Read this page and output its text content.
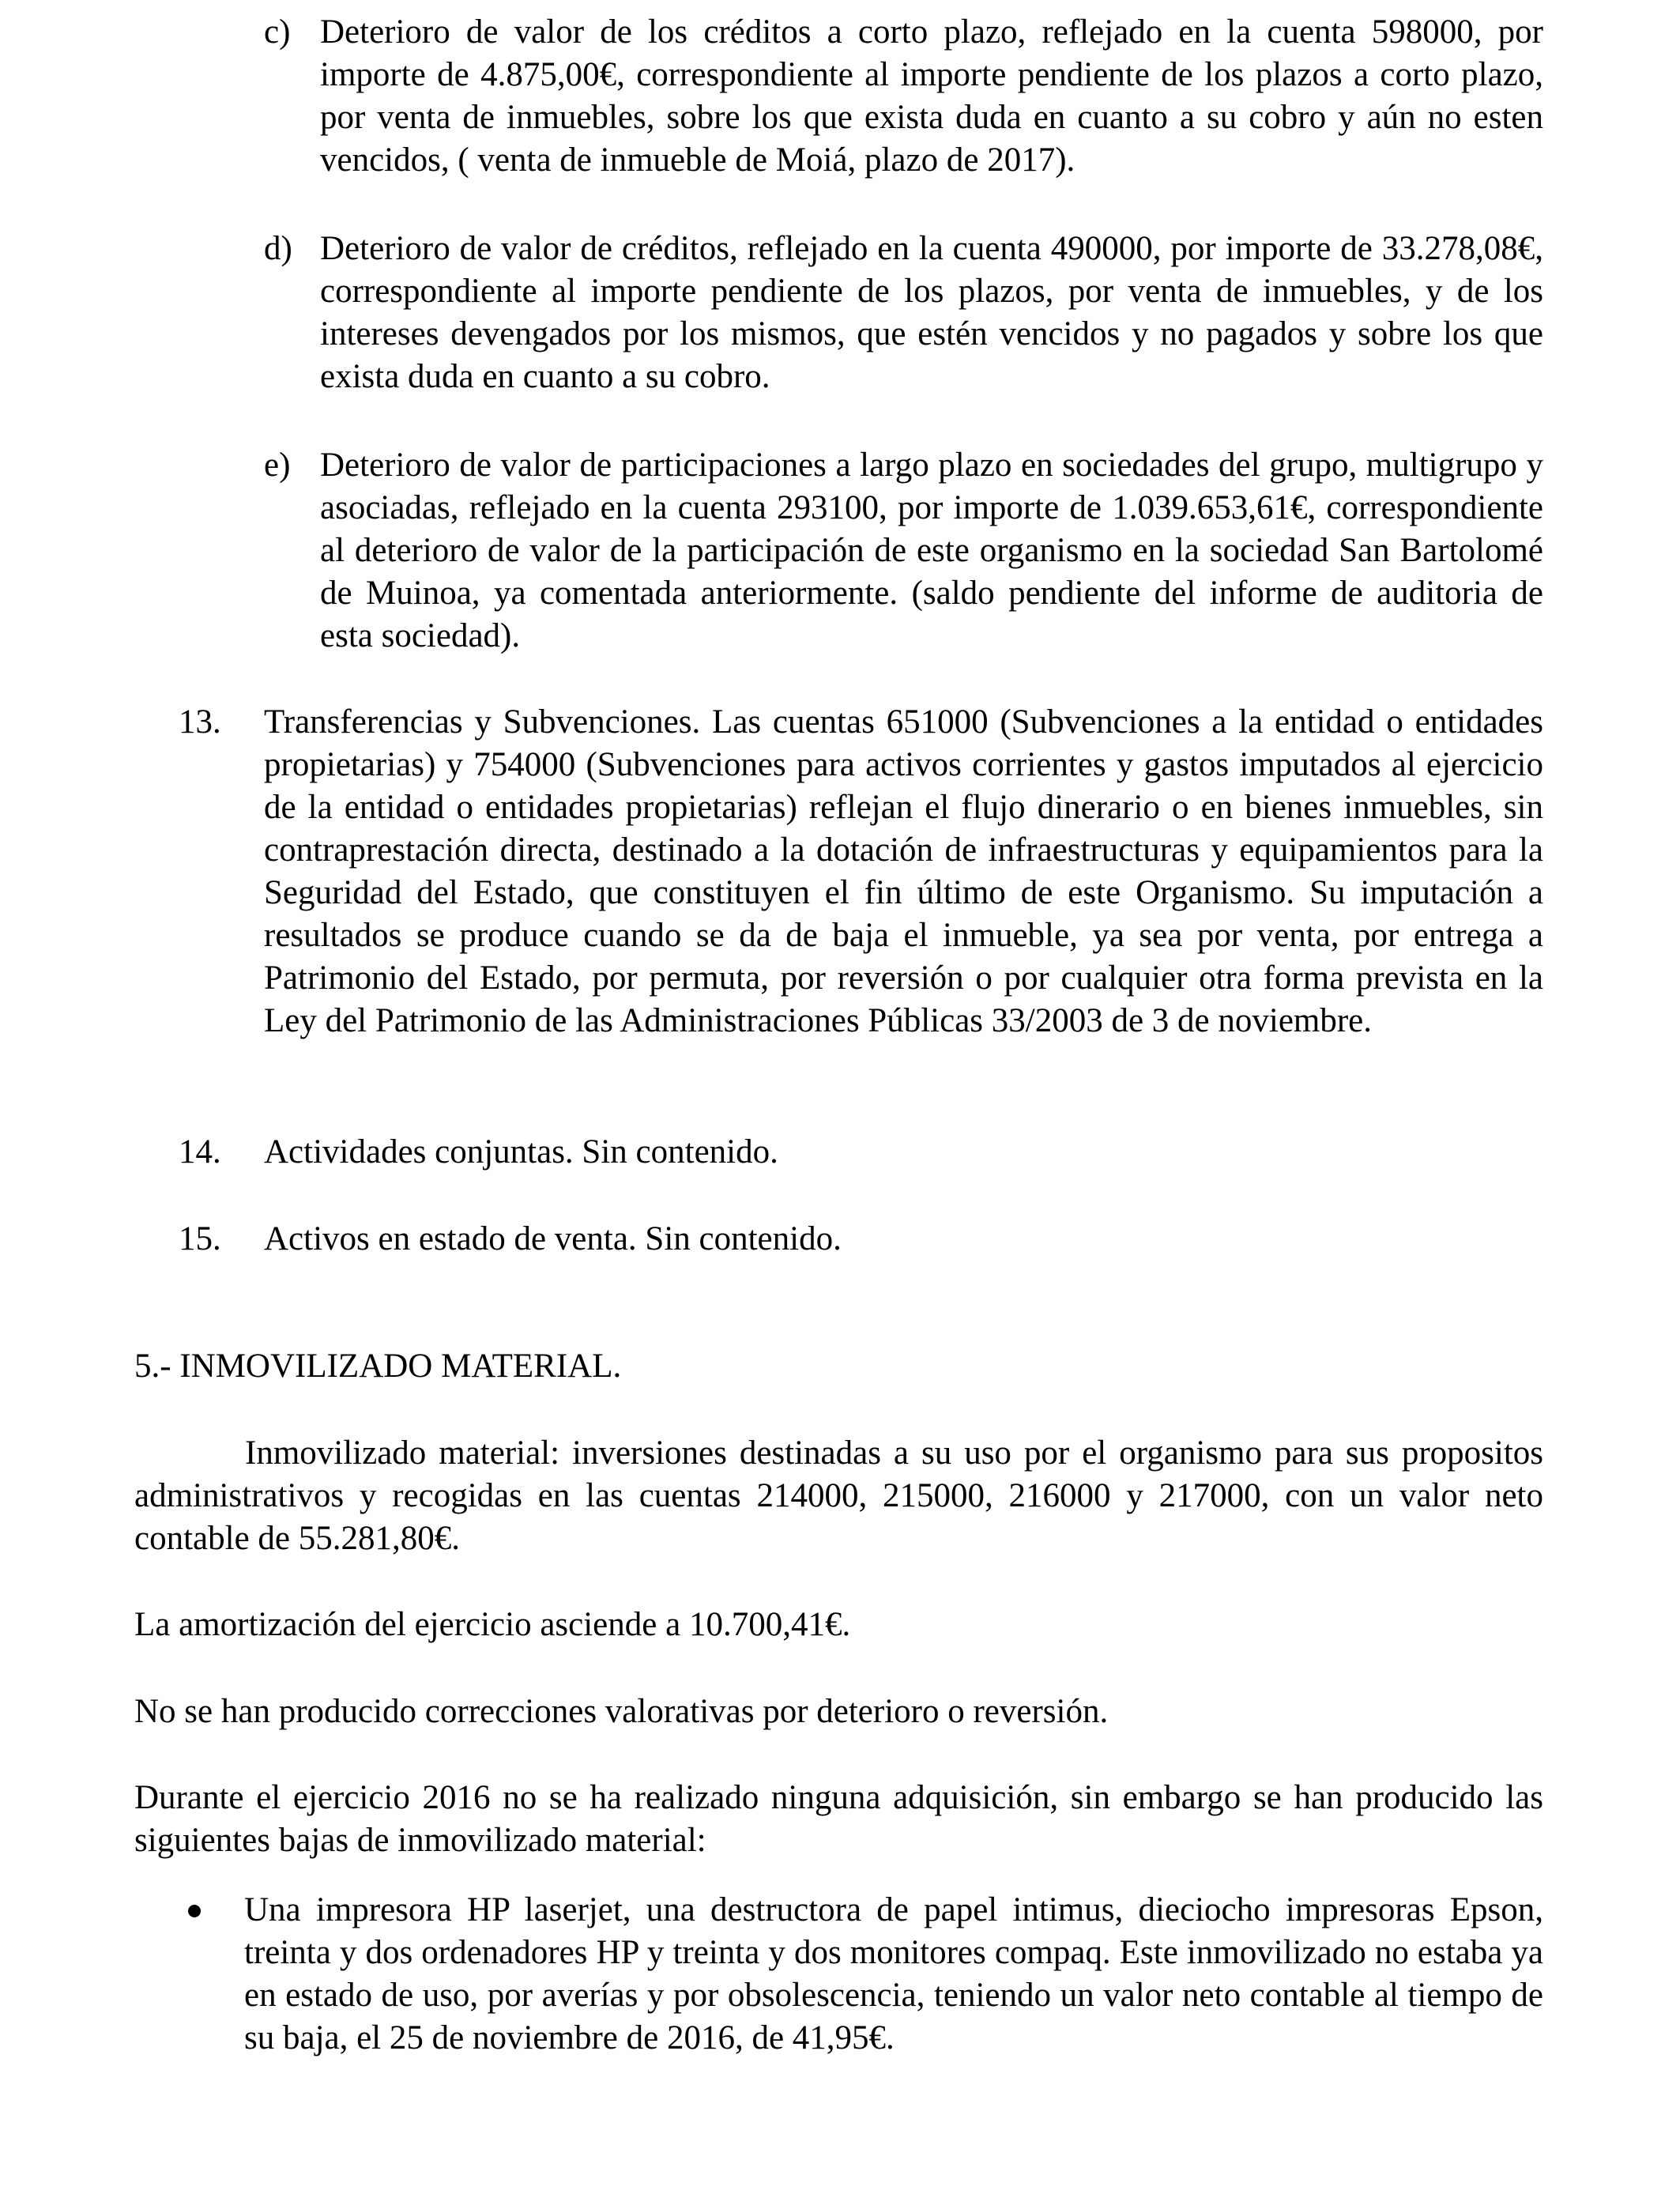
c) Deterioro de valor de los créditos a corto plazo, reflejado en la cuenta 598000, por importe de 4.875,00€, correspondiente al importe pendiente de los plazos a corto plazo, por venta de inmuebles, sobre los que exista duda en cuanto a su cobro y aún no esten vencidos, ( venta de inmueble de Moiá, plazo de 2017).

d) Deterioro de valor de créditos, reflejado en la cuenta 490000, por importe de 33.278,08€, correspondiente al importe pendiente de los plazos, por venta de inmuebles, y de los intereses devengados por los mismos, que estén vencidos y no pagados y sobre los que exista duda en cuanto a su cobro.

e) Deterioro de valor de participaciones a largo plazo en sociedades del grupo, multigrupo y asociadas, reflejado en la cuenta 293100, por importe de 1.039.653,61€, correspondiente al deterioro de valor de la participación de este organismo en la sociedad San Bartolomé de Muinoa, ya comentada anteriormente. (saldo pendiente del informe de auditoria de esta sociedad).

13. Transferencias y Subvenciones. Las cuentas 651000 (Subvenciones a la entidad o entidades propietarias) y 754000 (Subvenciones para activos corrientes y gastos imputados al ejercicio de la entidad o entidades propietarias) reflejan el flujo dinerario o en bienes inmuebles, sin contraprestación directa, destinado a la dotación de infraestructuras y equipamientos para la Seguridad del Estado, que constituyen el fin último de este Organismo. Su imputación a resultados se produce cuando se da de baja el inmueble, ya sea por venta, por entrega a Patrimonio del Estado, por permuta, por reversión o por cualquier otra forma prevista en la Ley del Patrimonio de las Administraciones Públicas 33/2003 de 3 de noviembre.

14. Actividades conjuntas. Sin contenido.

15. Activos en estado de venta. Sin contenido.

5.- INMOVILIZADO MATERIAL.

Inmovilizado material: inversiones destinadas a su uso por el organismo para sus propositos administrativos y recogidas en las cuentas 214000, 215000, 216000 y 217000, con un valor neto contable de 55.281,80€.

La amortización del ejercicio asciende a 10.700,41€.

No se han producido correcciones valorativas por deterioro o reversión.

Durante el ejercicio 2016 no se ha realizado ninguna adquisición, sin embargo se han producido las siguientes bajas de inmovilizado material:

Una impresora HP laserjet, una destructora de papel intimus, dieciocho impresoras Epson, treinta y dos ordenadores HP y treinta y dos monitores compaq. Este inmovilizado no estaba ya en estado de uso, por averías y por obsolescencia, teniendo un valor neto contable al tiempo de su baja, el 25 de noviembre de 2016, de 41,95€.
